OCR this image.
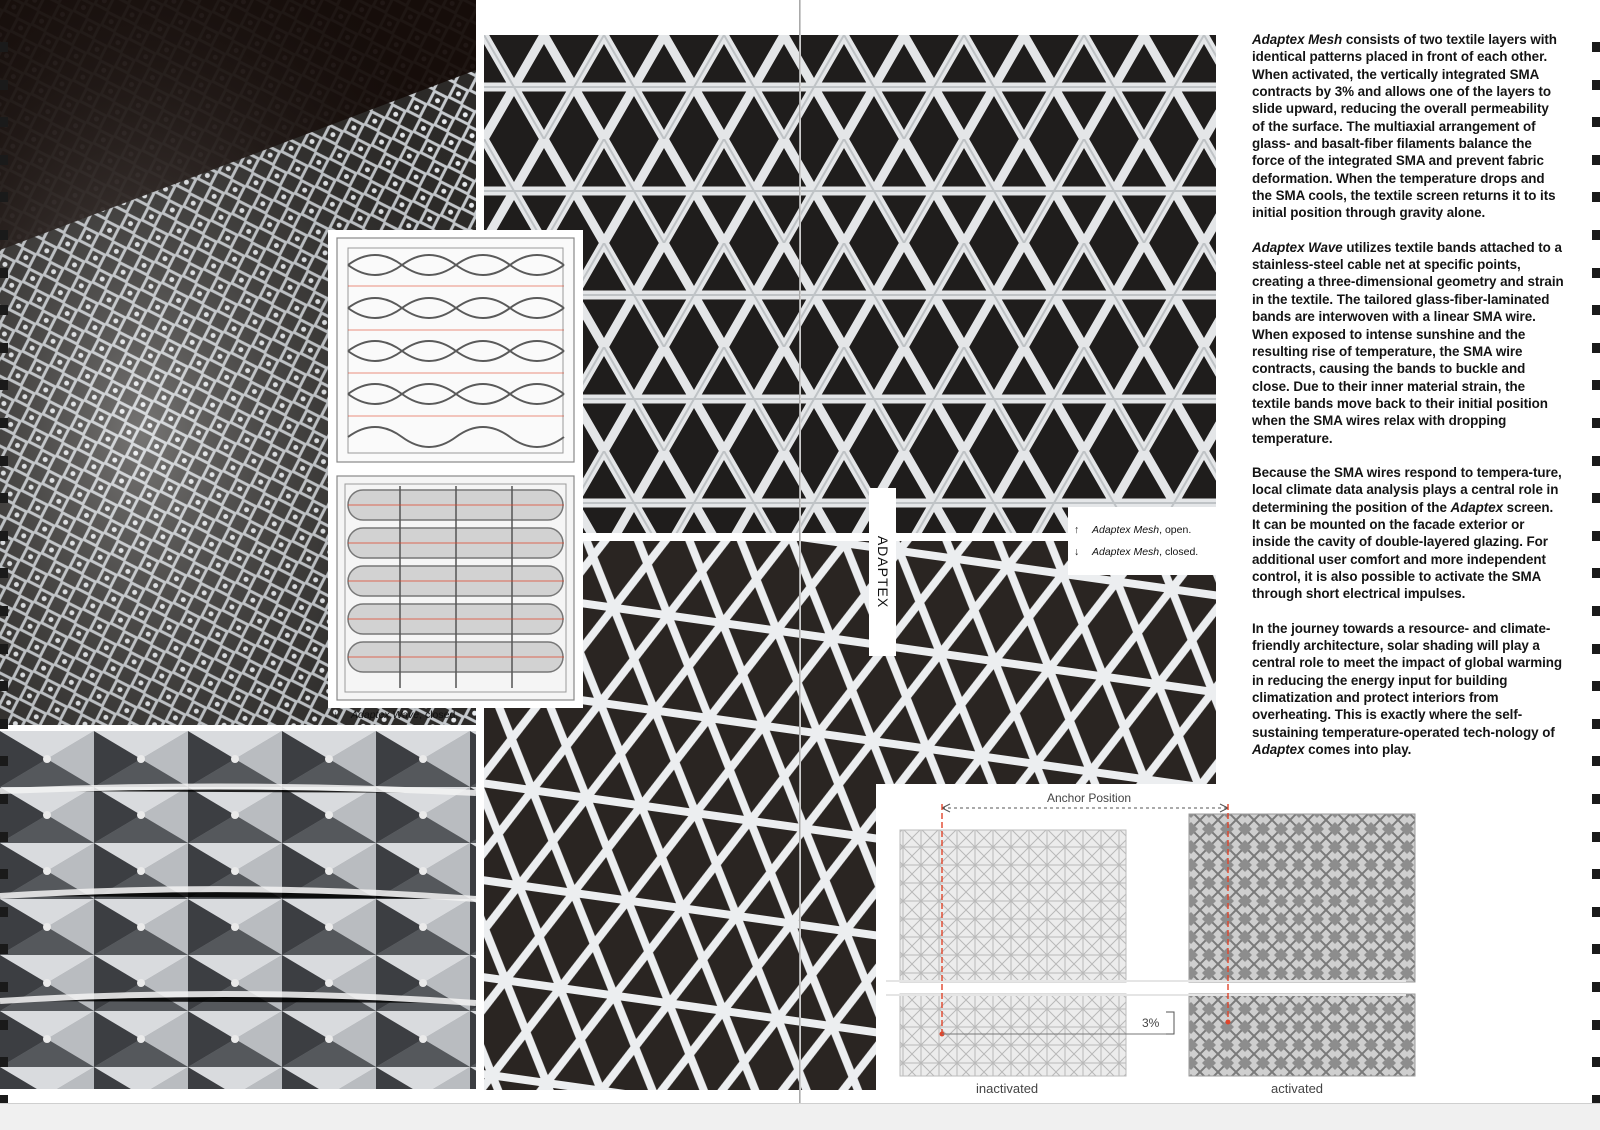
↓ Adaptex Wave, closed.
↑ Adaptex Mesh, open.
↓ Adaptex Mesh, closed.
ADAPTEX
Anchor Position
3%
inactivated	activated

Adaptex Mesh consists of two textile layers with identical patterns placed in front of each other. When activated, the vertically integrated SMA contracts by 3% and allows one of the layers to slide upward, reducing the overall permeability of the surface. The multiaxial arrangement of glass- and basalt-fiber filaments balance the force of the integrated SMA and prevent fabric deformation. When the temperature drops and the SMA cools, the textile screen returns it to its initial position through gravity alone.

Adaptex Wave utilizes textile bands attached to a stainless-steel cable net at specific points, creating a three-dimensional geometry and strain in the textile. The tailored glass-fiber-laminated bands are interwoven with a linear SMA wire. When exposed to intense sunshine and the resulting rise of temperature, the SMA wire contracts, causing the bands to buckle and close. Due to their inner material strain, the textile bands move back to their initial position when the SMA wires relax with dropping temperature.

Because the SMA wires respond to tempera-ture, local climate data analysis plays a central role in determining the position of the Adaptex screen. It can be mounted on the facade exterior or inside the cavity of double-layered glazing. For additional user comfort and more independent control, it is also possible to activate the SMA through short electrical impulses.

In the journey towards a resource- and climate-friendly architecture, solar shading will play a central role to meet the impact of global warming in reducing the energy input for building climatization and protect interiors from overheating. This is exactly where the self-sustaining temperature-operated tech-nology of Adaptex comes into play.
